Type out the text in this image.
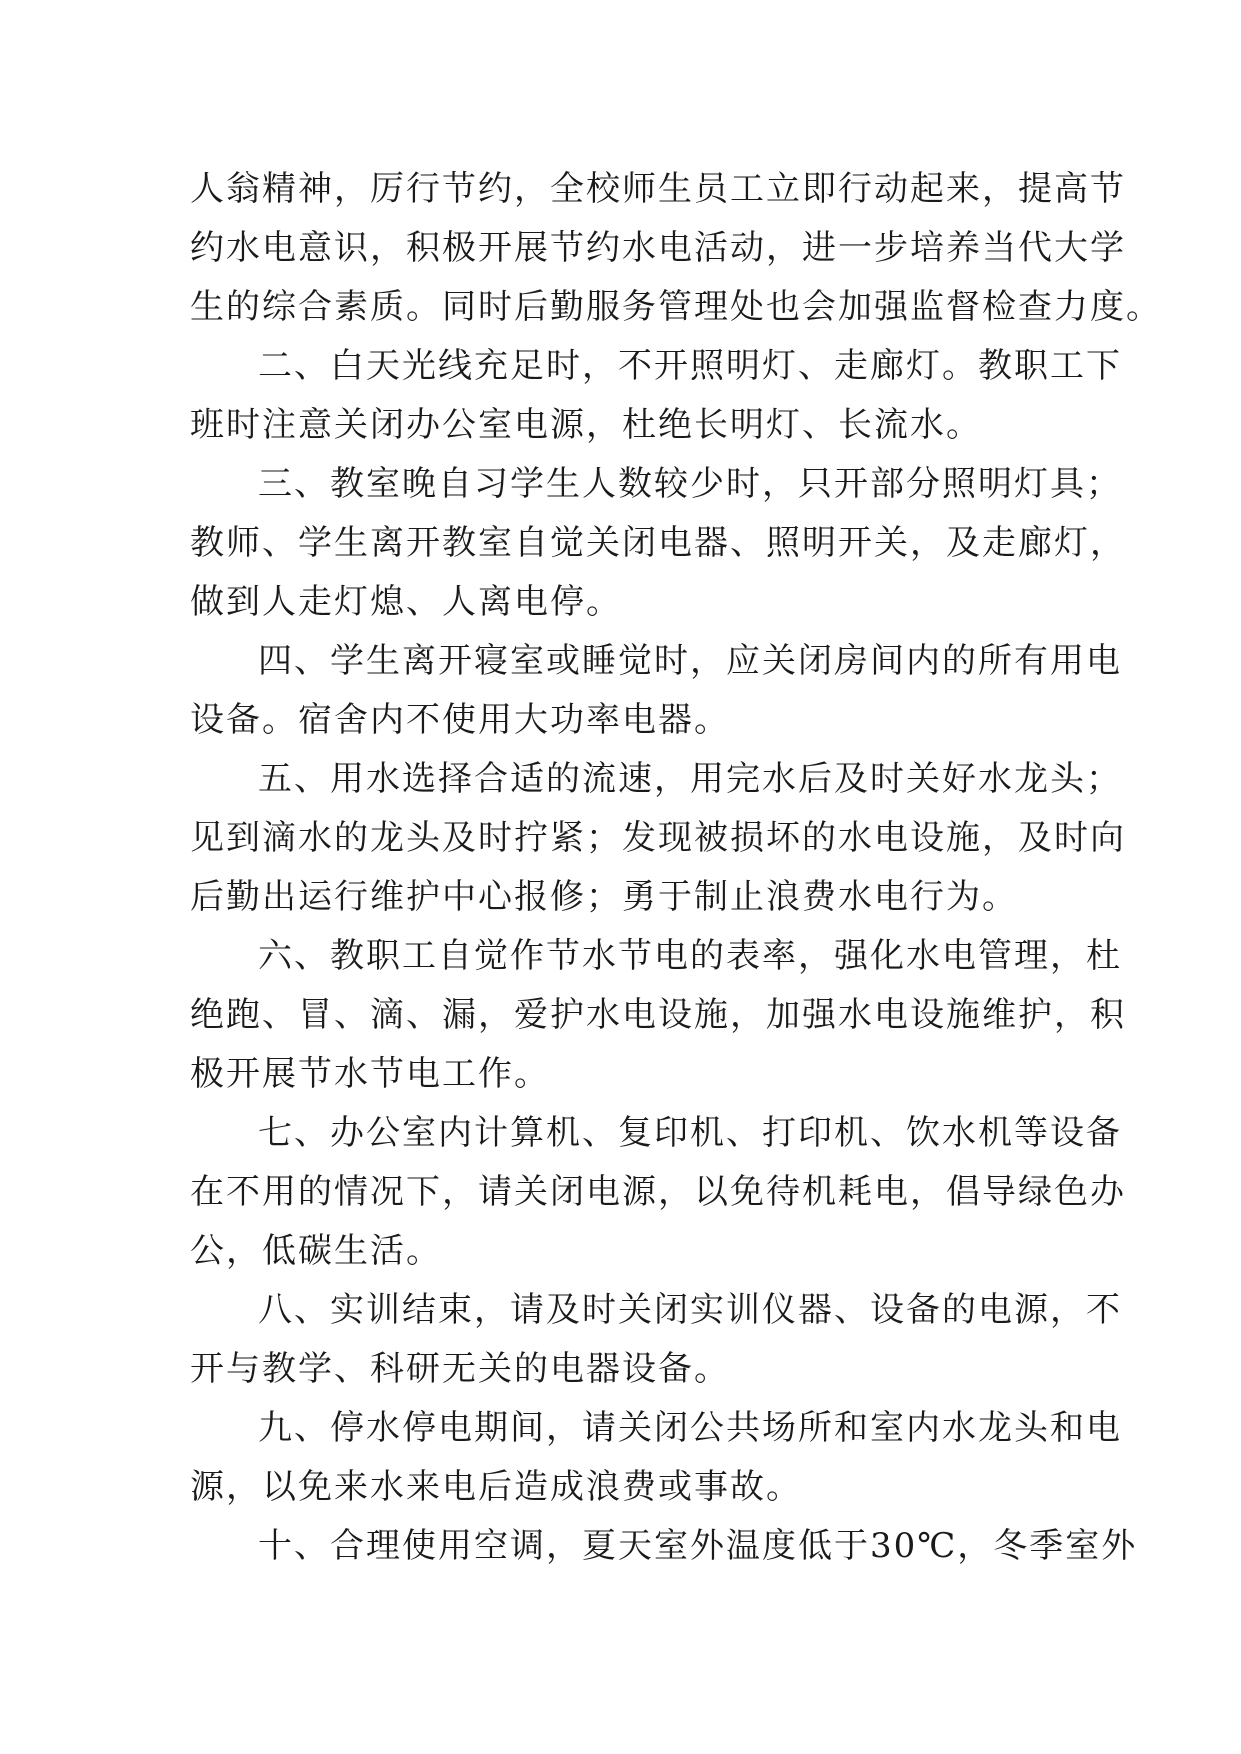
人翁精神，厉行节约，全校师生员工立即行动起来，提高节
约水电意识，积极开展节约水电活动，进一步培养当代大学
生的综合素质。同时后勤服务管理处也会加强监督检查力度。
二、白天光线充足时，不开照明灯、走廊灯。教职工下
班时注意关闭办公室电源，杜绝长明灯、长流水。
三、教室晚自习学生人数较少时，只开部分照明灯具；
教师、学生离开教室自觉关闭电器、照明开关，及走廊灯，
做到人走灯熄、人离电停。
四、学生离开寝室或睡觉时，应关闭房间内的所有用电
设备。宿舍内不使用大功率电器。
五、用水选择合适的流速，用完水后及时关好水龙头；
见到滴水的龙头及时拧紧；发现被损坏的水电设施，及时向
后勤出运行维护中心报修；勇于制止浪费水电行为。
六、教职工自觉作节水节电的表率，强化水电管理，杜
绝跑、冒、滴、漏，爱护水电设施，加强水电设施维护，积
极开展节水节电工作。
七、办公室内计算机、复印机、打印机、饮水机等设备
在不用的情况下，请关闭电源，以免待机耗电，倡导绿色办
公，低碳生活。
八、实训结束，请及时关闭实训仪器、设备的电源，不
开与教学、科研无关的电器设备。
九、停水停电期间，请关闭公共场所和室内水龙头和电
源，以免来水来电后造成浪费或事故。
十、合理使用空调，夏天室外温度低于30℃，冬季室外
